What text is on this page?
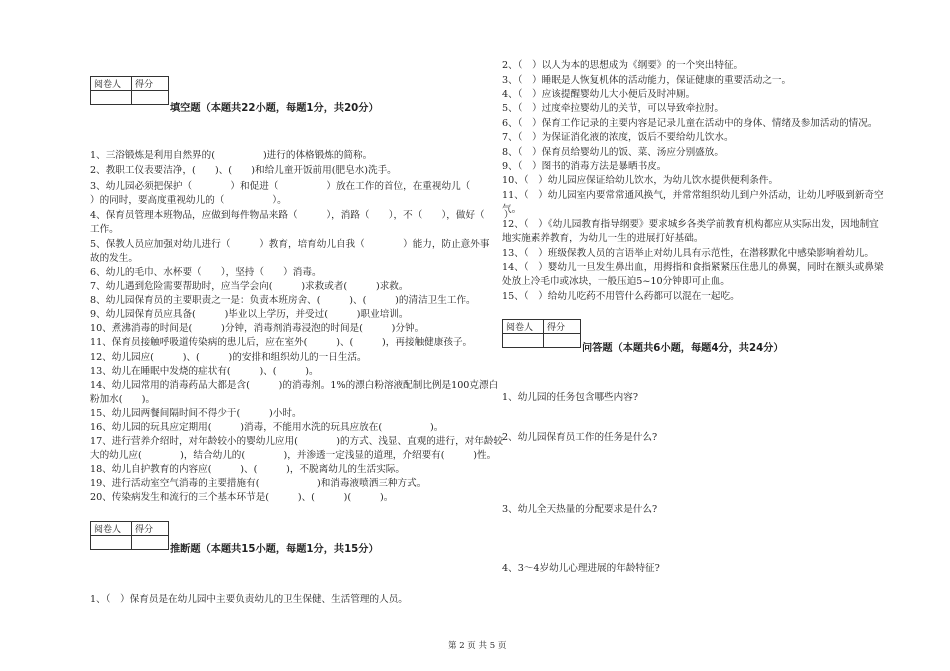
阅卷人	得分

填空题（本题共22小题，每题1分，共20分）
1、三浴锻炼是利用自然界的(　　　　　)进行的体格锻炼的简称。
2、教职工仪表要洁净，(　　)、(　　)和给儿童开饭前用(肥皂水)洗手。
3、幼儿园必须把保护（　　　　）和促进（　　　　　）放在工作的首位，在重视幼儿（　　　
）的同时，要高度重视幼儿的（　　　　　）。
4、保育员管理本班物品，应做到每件物品来路（　　　），消路（　　），不（　　），做好（　　）
工作。
5、保教人员应加强对幼儿进行（　　　）教育，培育幼儿自我（　　　　）能力，防止意外事
故的发生。
6、幼儿的毛巾、水杯要（　　），坚持（　　）消毒。
7、幼儿遇到危险需要帮助时，应当学会向(　　　)求救或者(　　　)求救。
8、幼儿园保育员的主要职责之一是：负责本班房舍、(　　　)、(　　　)的清洁卫生工作。
9、幼儿园保育员应具备(　　　)毕业以上学历，并受过(　　　)职业培训。
10、煮沸消毒的时间是(　　　)分钟，消毒剂消毒浸泡的时间是(　　　)分钟。
11、保育员接触呼吸道传染病的患儿后，应在室外(　　　)、(　　　)，再接触健康孩子。
12、幼儿园应(　　　)、(　　　)的安排和组织幼儿的一日生活。
13、幼儿在睡眠中发烧的症状有(　　　)、(　　　)。
14、幼儿园常用的消毒药品大都是含(　　　)的消毒剂。1%的漂白粉溶液配制比例是100克漂白
粉加水(　　)。
15、幼儿园两餐间隔时间不得少于(　　　)小时。
16、幼儿园的玩具应定期用(　　　)消毒，不能用水洗的玩具应放在(　　　　　)。
17、进行营养介绍时，对年龄较小的婴幼儿应用(　　　　)的方式、浅显、直观的进行，对年龄较
大的幼儿应(　　　　)，结合幼儿的(　　　　)，并渗透一定浅显的道理，介绍要有(　　　)性。
18、幼儿自护教育的内容应(　　　)、(　　　)，不脱离幼儿的生活实际。
19、进行活动室空气消毒的主要措施有(　　　　　　)和消毒液喷洒三种方式。
20、传染病发生和流行的三个基本环节是(　　　)、(　　　)(　　　)。
阅卷人	得分

推断题（本题共15小题，每题1分，共15分）
1、（　）保育员是在幼儿园中主要负责幼儿的卫生保健、生活管理的人员。
2、（　）以人为本的思想成为《纲要》的一个突出特征。
3、（　）睡眠是人恢复机体的活动能力，保证健康的重要活动之一。
4、（　）应该提醒婴幼儿大小便后及时冲厕。
5、（　）过度牵拉婴幼儿的关节，可以导致牵拉肘。
6、（　）保育工作记录的主要内容是记录儿童在活动中的身体、情绪及参加活动的情况。
7、（　）为保证消化液的浓度，饭后不要给幼儿饮水。
8、（　）保育员给婴幼儿的饭、菜、汤应分别盛放。
9、（　）图书的消毒方法是暴晒书皮。
10、（　）幼儿园应保证给幼儿饮水，为幼儿饮水提供便利条件。
11、（　）幼儿园室内要常常通风换气，并常常组织幼儿到户外活动，让幼儿呼吸到新奇空
气。
12、（　）《幼儿园教育指导纲要》要求城乡各类学前教育机构都应从实际出发，因地制宜
地实施素养教育，为幼儿一生的进展打好基础。
13、（　）班级保教人员的言语举止对幼儿具有示范性，在潜移默化中感染影响着幼儿。
14、（　）婴幼儿一旦发生鼻出血，用拇指和食指紧紧压住患儿的鼻翼，同时在额头或鼻梁
处放上冷毛巾或冰块，一般压迫5~10分钟即可止血。
15、（　）给幼儿吃药不用管什么药都可以混在一起吃。
阅卷人	得分

问答题（本题共6小题，每题4分，共24分）
1、幼儿园的任务包含哪些内容?
2、幼儿园保育员工作的任务是什么?
3、幼儿全天热量的分配要求是什么?
4、3～4岁幼儿心理进展的年龄特征?
第 2 页 共 5 页
